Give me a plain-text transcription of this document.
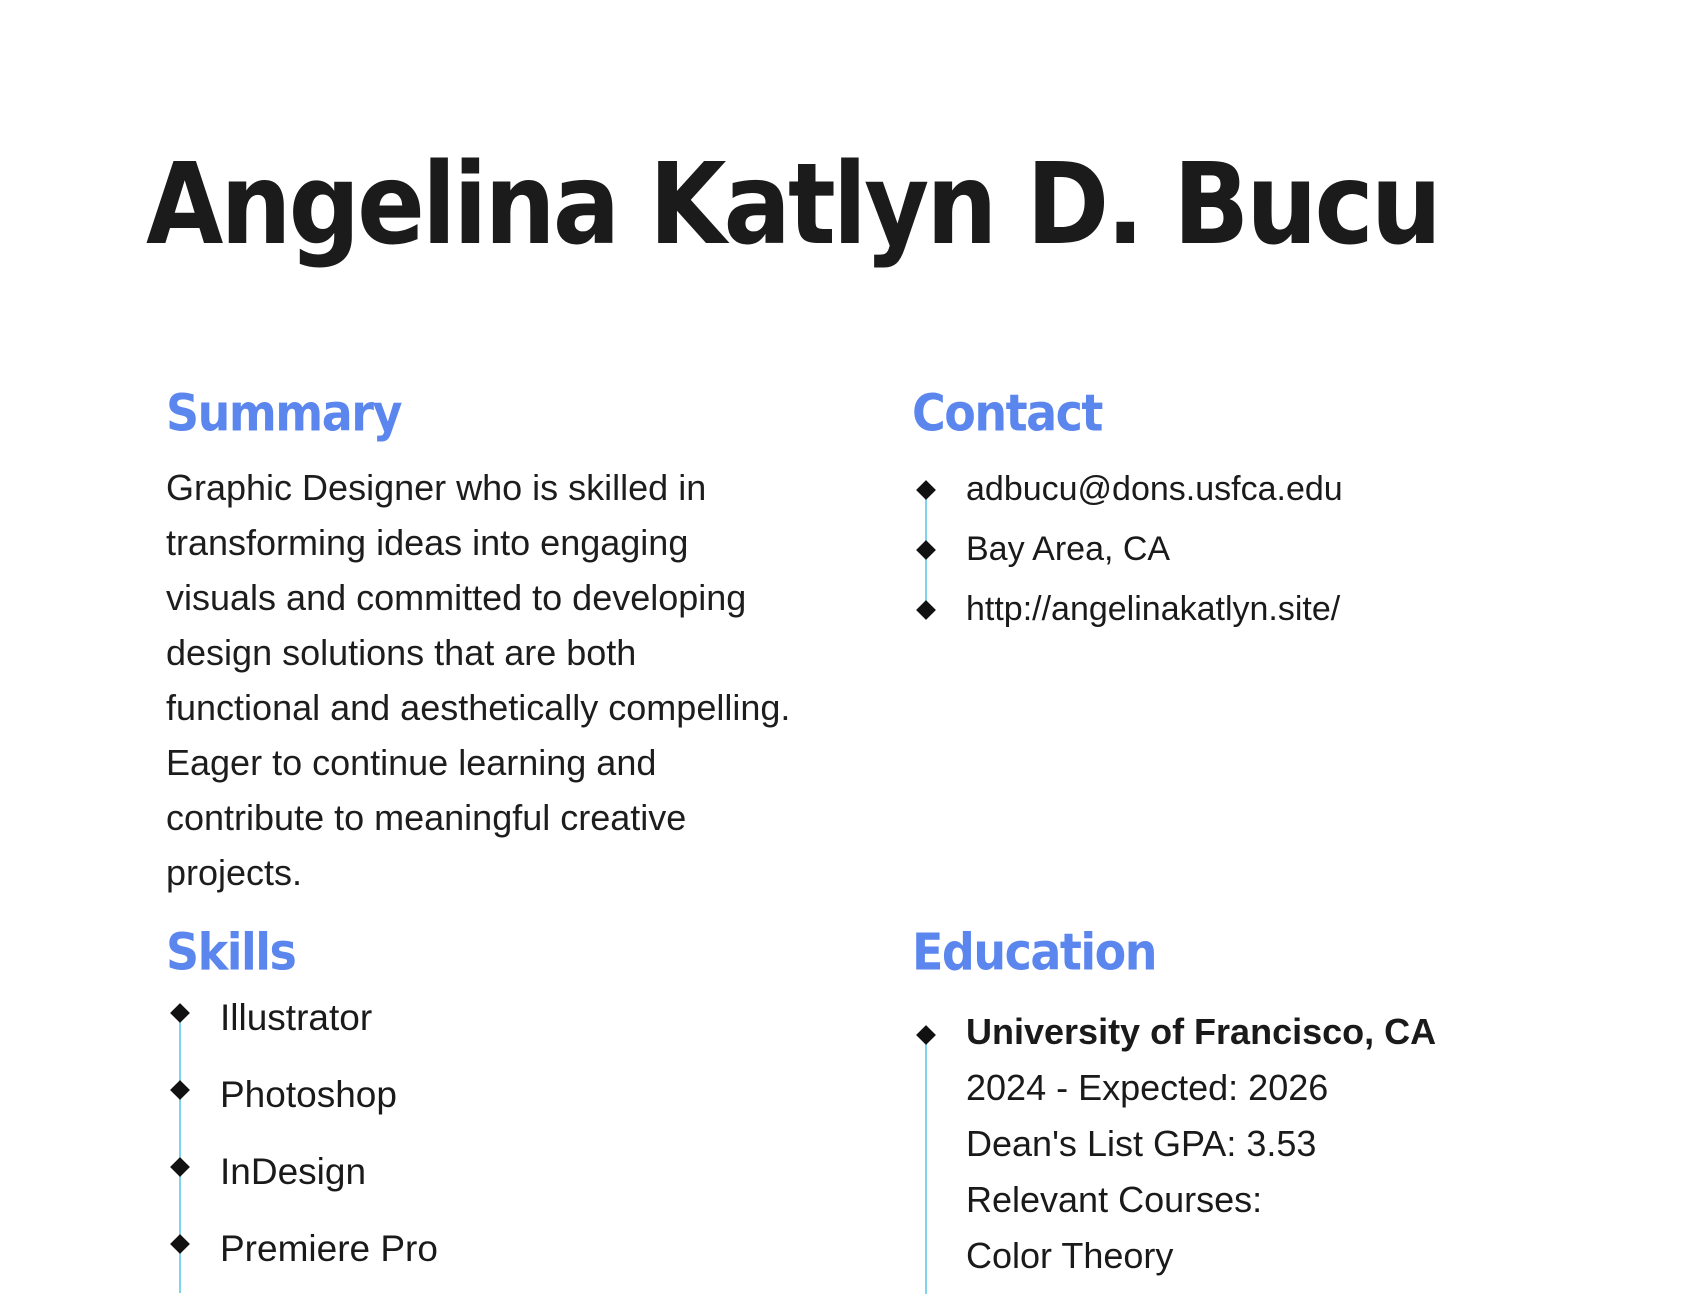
Angelina Katlyn D. Bucu
Summary

Graphic Designer who is skilled in transforming ideas into engaging visuals and committed to developing design solutions that are both functional and aesthetically compelling. Eager to continue learning and contribute to meaningful creative projects.

Contact
adbucu@dons.usfca.edu
Bay Area, CA
http://angelinakatlyn.site/
Skills
Illustrator
Photoshop
InDesign
Premiere Pro
Education
University of Francisco, CA
2024 - Expected: 2026
Dean's List GPA: 3.53
Relevant Courses:
Color Theory
